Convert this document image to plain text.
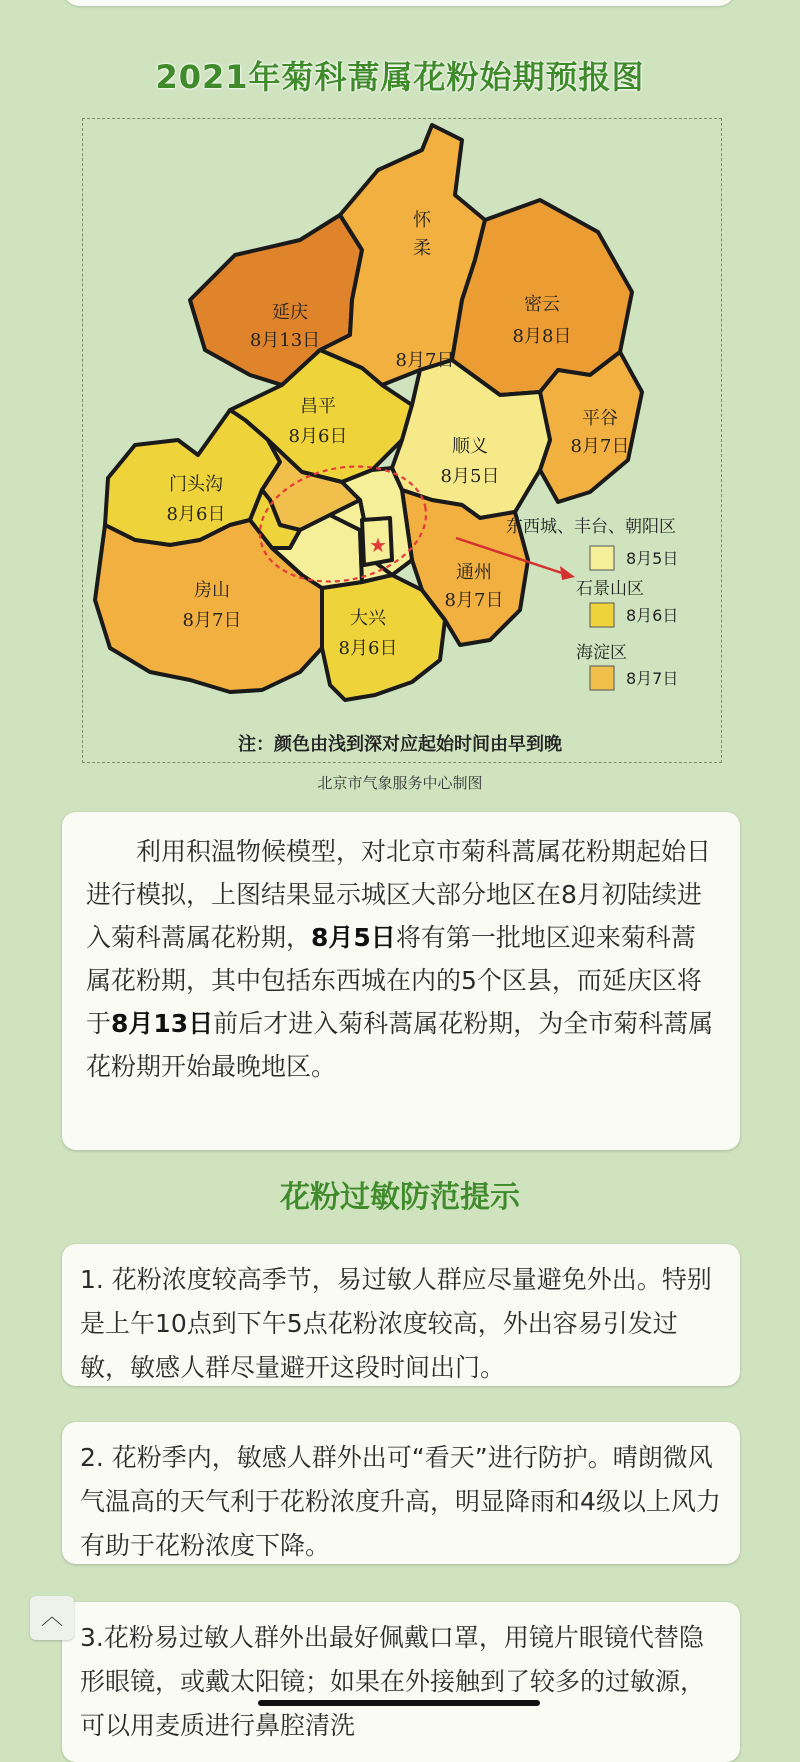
2021年菊科蒿属花粉始期预报图
★
延庆
8月13日
怀
柔
8月7日
密云
8月8日
平谷
8月7日
昌平
8月6日	顺义
8月5日
门头沟
8月6日
房山
8月7日	大兴
8月6日
通州
8月7日
东西城、丰台、朝阳区
8月5日
石景山区
8月6日
海淀区
8月7日
注：颜色由浅到深对应起始时间由早到晚
北京市气象服务中心制图

利用积温物候模型，对北京市菊科蒿属花粉期起始日进行模拟，上图结果显示城区大部分地区在8月初陆续进入菊科蒿属花粉期，8月5日将有第一批地区迎来菊科蒿属花粉期，其中包括东西城在内的5个区县，而延庆区将于8月13日前后才进入菊科蒿属花粉期，为全市菊科蒿属花粉期开始最晚地区。

花粉过敏防范提示

1. 花粉浓度较高季节，易过敏人群应尽量避免外出。特别是上午10点到下午5点花粉浓度较高，外出容易引发过敏，敏感人群尽量避开这段时间出门。

2. 花粉季内，敏感人群外出可“看天”进行防护。晴朗微风气温高的天气利于花粉浓度升高，明显降雨和4级以上风力有助于花粉浓度下降。

3.花粉易过敏人群外出最好佩戴口罩，用镜片眼镜代替隐形眼镜，或戴太阳镜；如果在外接触到了较多的过敏源，可以用麦质进行鼻腔清洗

︿
